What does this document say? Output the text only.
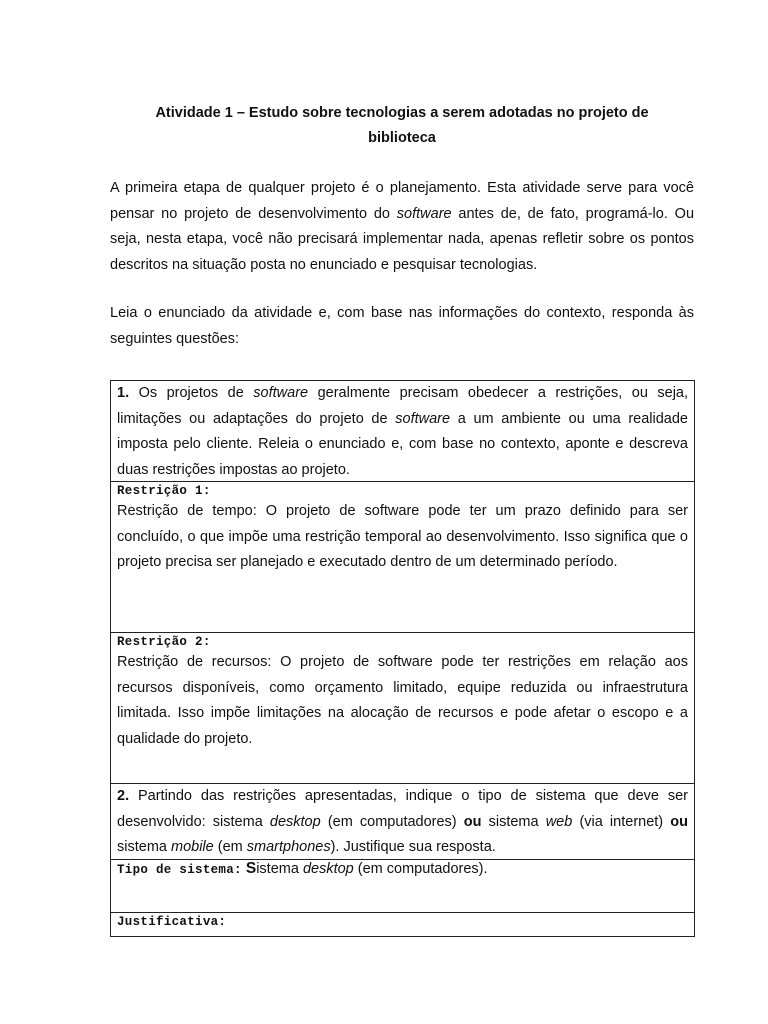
Atividade 1 – Estudo sobre tecnologias a serem adotadas no projeto de
biblioteca
A primeira etapa de qualquer projeto é o planejamento. Esta atividade serve para você pensar no projeto de desenvolvimento do software antes de, de fato, programá-lo. Ou seja, nesta etapa, você não precisará implementar nada, apenas refletir sobre os pontos descritos na situação posta no enunciado e pesquisar tecnologias.
Leia o enunciado da atividade e, com base nas informações do contexto, responda às seguintes questões:
1. Os projetos de software geralmente precisam obedecer a restrições, ou seja, limitações ou adaptações do projeto de software a um ambiente ou uma realidade imposta pelo cliente. Releia o enunciado e, com base no contexto, aponte e descreva duas restrições impostas ao projeto.
Restrição 1:
Restrição de tempo: O projeto de software pode ter um prazo definido para ser concluído, o que impõe uma restrição temporal ao desenvolvimento. Isso significa que o projeto precisa ser planejado e executado dentro de um determinado período.
Restrição 2:
Restrição de recursos: O projeto de software pode ter restrições em relação aos recursos disponíveis, como orçamento limitado, equipe reduzida ou infraestrutura limitada. Isso impõe limitações na alocação de recursos e pode afetar o escopo e a qualidade do projeto.
2. Partindo das restrições apresentadas, indique o tipo de sistema que deve ser desenvolvido: sistema desktop (em computadores) ou sistema web (via internet) ou sistema mobile (em smartphones). Justifique sua resposta.
Tipo de sistema: Sistema desktop (em computadores).
Justificativa:
